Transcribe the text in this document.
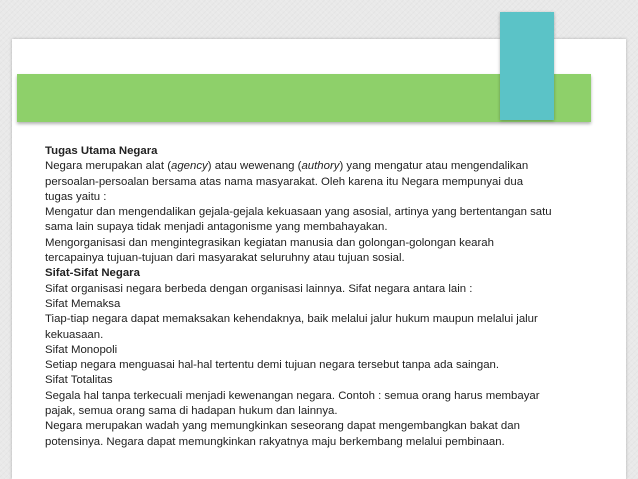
Tugas Utama Negara

Negara merupakan alat (agency) atau wewenang (authory) yang mengatur atau mengendalikan

persoalan-persoalan bersama atas nama masyarakat. Oleh karena itu Negara mempunyai dua

tugas yaitu :

Mengatur dan mengendalikan gejala-gejala kekuasaan yang asosial, artinya yang bertentangan satu

sama lain supaya tidak menjadi antagonisme yang membahayakan.

Mengorganisasi dan mengintegrasikan kegiatan manusia dan golongan-golongan kearah

tercapainya tujuan-tujuan dari masyarakat seluruhny atau tujuan sosial.

Sifat-Sifat Negara

Sifat organisasi negara berbeda dengan organisasi lainnya. Sifat negara antara lain :

Sifat Memaksa

Tiap-tiap negara dapat memaksakan kehendaknya, baik melalui jalur hukum maupun melalui jalur

kekuasaan.

Sifat Monopoli

Setiap negara menguasai hal-hal tertentu demi tujuan negara tersebut tanpa ada saingan.

Sifat Totalitas

Segala hal tanpa terkecuali menjadi kewenangan negara. Contoh : semua orang harus membayar

pajak, semua orang sama di hadapan hukum dan lainnya.

Negara merupakan wadah yang memungkinkan seseorang dapat mengembangkan bakat dan

potensinya. Negara dapat memungkinkan rakyatnya maju berkembang melalui pembinaan.
